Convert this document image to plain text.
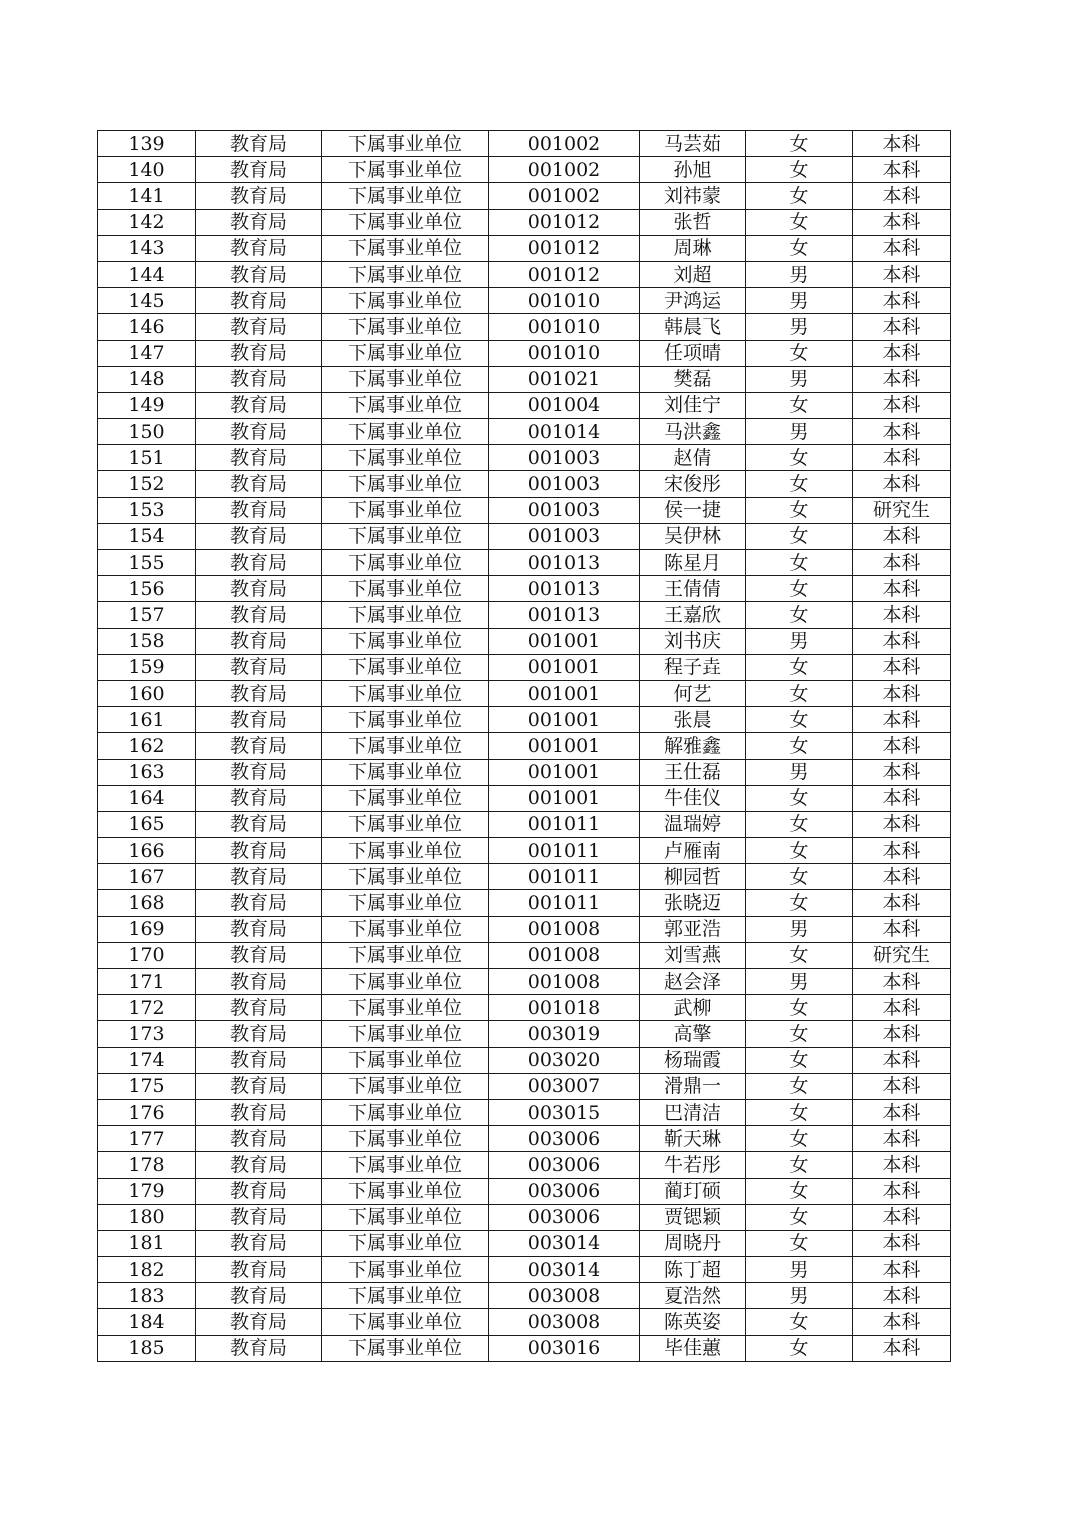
139	教育局	下属事业单位	001002	马芸茹	女	本科
140	教育局	下属事业单位	001002	孙旭	女	本科
141	教育局	下属事业单位	001002	刘祎蒙	女	本科
142	教育局	下属事业单位	001012	张哲	女	本科
143	教育局	下属事业单位	001012	周琳	女	本科
144	教育局	下属事业单位	001012	刘超	男	本科
145	教育局	下属事业单位	001010	尹鸿运	男	本科
146	教育局	下属事业单位	001010	韩晨飞	男	本科
147	教育局	下属事业单位	001010	任项晴	女	本科
148	教育局	下属事业单位	001021	樊磊	男	本科
149	教育局	下属事业单位	001004	刘佳宁	女	本科
150	教育局	下属事业单位	001014	马洪鑫	男	本科
151	教育局	下属事业单位	001003	赵倩	女	本科
152	教育局	下属事业单位	001003	宋俊彤	女	本科
153	教育局	下属事业单位	001003	侯一捷	女	研究生
154	教育局	下属事业单位	001003	吴伊林	女	本科
155	教育局	下属事业单位	001013	陈星月	女	本科
156	教育局	下属事业单位	001013	王倩倩	女	本科
157	教育局	下属事业单位	001013	王嘉欣	女	本科
158	教育局	下属事业单位	001001	刘书庆	男	本科
159	教育局	下属事业单位	001001	程子垚	女	本科
160	教育局	下属事业单位	001001	何艺	女	本科
161	教育局	下属事业单位	001001	张晨	女	本科
162	教育局	下属事业单位	001001	解雅鑫	女	本科
163	教育局	下属事业单位	001001	王仕磊	男	本科
164	教育局	下属事业单位	001001	牛佳仪	女	本科
165	教育局	下属事业单位	001011	温瑞婷	女	本科
166	教育局	下属事业单位	001011	卢雁南	女	本科
167	教育局	下属事业单位	001011	柳园哲	女	本科
168	教育局	下属事业单位	001011	张晓迈	女	本科
169	教育局	下属事业单位	001008	郭亚浩	男	本科
170	教育局	下属事业单位	001008	刘雪燕	女	研究生
171	教育局	下属事业单位	001008	赵会泽	男	本科
172	教育局	下属事业单位	001018	武柳	女	本科
173	教育局	下属事业单位	003019	高擎	女	本科
174	教育局	下属事业单位	003020	杨瑞霞	女	本科
175	教育局	下属事业单位	003007	滑鼎一	女	本科
176	教育局	下属事业单位	003015	巴清洁	女	本科
177	教育局	下属事业单位	003006	靳天琳	女	本科
178	教育局	下属事业单位	003006	牛若彤	女	本科
179	教育局	下属事业单位	003006	蔺玎硕	女	本科
180	教育局	下属事业单位	003006	贾锶颖	女	本科
181	教育局	下属事业单位	003014	周晓丹	女	本科
182	教育局	下属事业单位	003014	陈丁超	男	本科
183	教育局	下属事业单位	003008	夏浩然	男	本科
184	教育局	下属事业单位	003008	陈英姿	女	本科
185	教育局	下属事业单位	003016	毕佳蕙	女	本科
